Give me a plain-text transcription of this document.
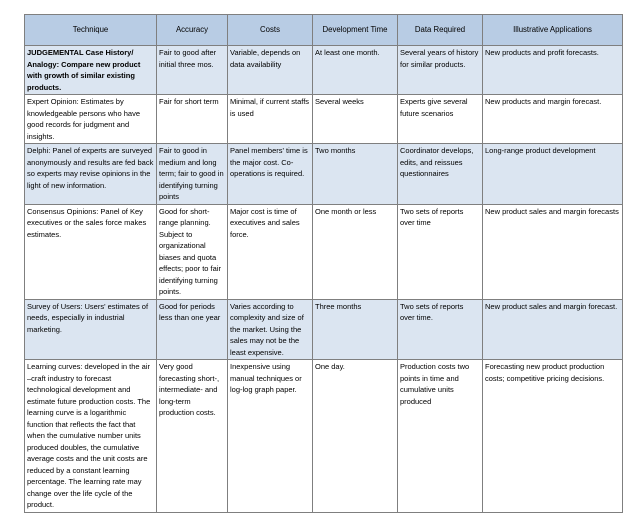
Technique	Accuracy	Costs	Development Time	Data Required	Illustrative Applications
JUDGEMENTAL Case History/ Analogy: Compare new product with growth of similar existing products.	Fair to good after initial three mos.	Variable, depends on data availability	At least one month.	Several years of history for similar products.	New products and profit forecasts.
Expert Opinion: Estimates by knowledgeable persons who have good records for judgment and insights.	Fair for short term	Minimal, if current staffs is used	Several weeks	Experts give several future scenarios	New products and margin forecast.
Delphi: Panel of experts are surveyed anonymously and results are fed back so experts may revise opinions in the light of new information.	Fair to good in medium and long term; fair to good in identifying turning points	Panel members' time is the major cost. Co-operations is required.	Two months	Coordinator develops, edits, and reissues questionnaires	Long-range product development
Consensus Opinions: Panel of Key executives or the sales force makes estimates.	Good for short-range planning. Subject to organizational biases and quota effects; poor to fair identifying turning points.	Major cost is time of executives and sales force.	One month or less	Two sets of reports over time	New product sales and margin forecasts
Survey of Users: Users' estimates of needs, especially in industrial marketing.	Good for periods less than one year	Varies according to complexity and size of the market. Using the sales may not be the least expensive.	Three months	Two sets of reports over time.	New product sales and margin forecast.
Learning curves: developed in the air –craft industry to forecast technological development and estimate future production costs. The learning curve is a logarithmic function that reflects the fact that when the cumulative number units produced doubles, the cumulative average costs and the unit costs are reduced by a constant learning percentage. The learning rate may change over the life cycle of the product.	Very good forecasting short-, intermediate- and long-term production costs.	Inexpensive using manual techniques or log-log graph paper.	One day.	Production costs two points in time and cumulative units produced	Forecasting new product production costs; competitive pricing decisions.
